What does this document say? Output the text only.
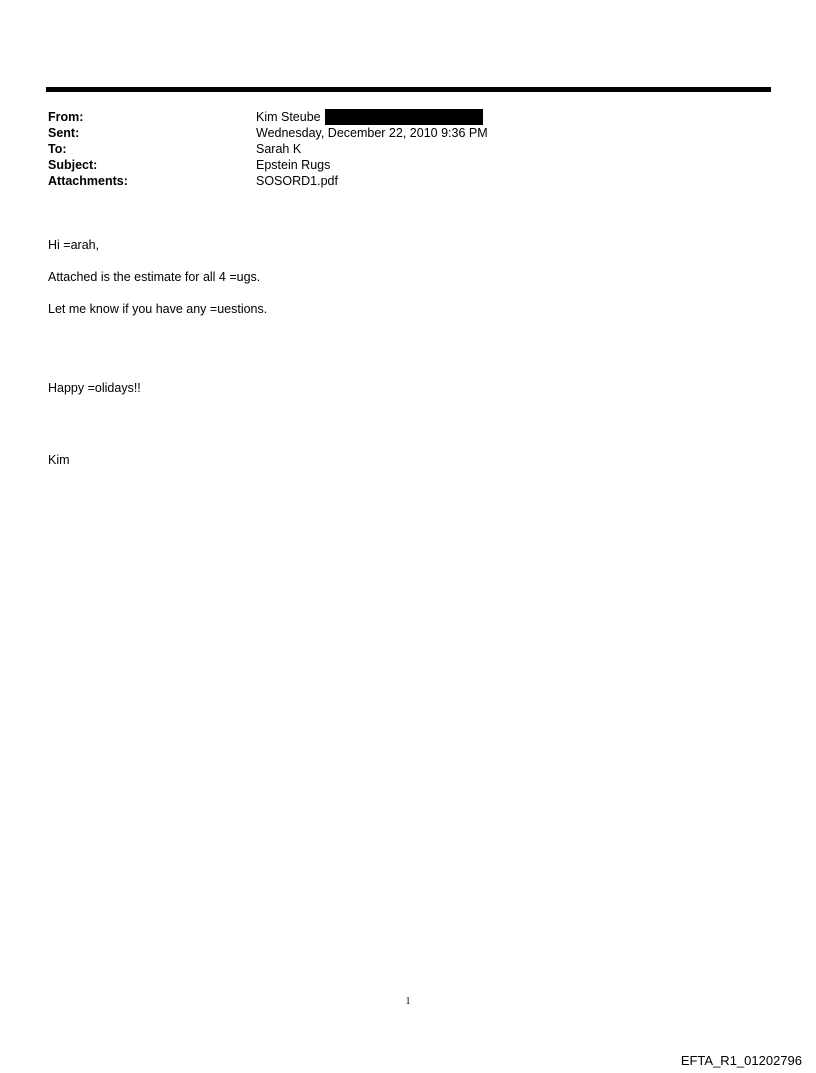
From:	Kim Steube
Sent:	Wednesday, December 22, 2010 9:36 PM
To:	Sarah K
Subject:	Epstein Rugs
Attachments:	SOSORD1.pdf
Hi =arah,
Attached is the estimate for all 4 =ugs.
Let me know if you have any =uestions.
Happy =olidays!!
Kim
1
EFTA_R1_01202796
